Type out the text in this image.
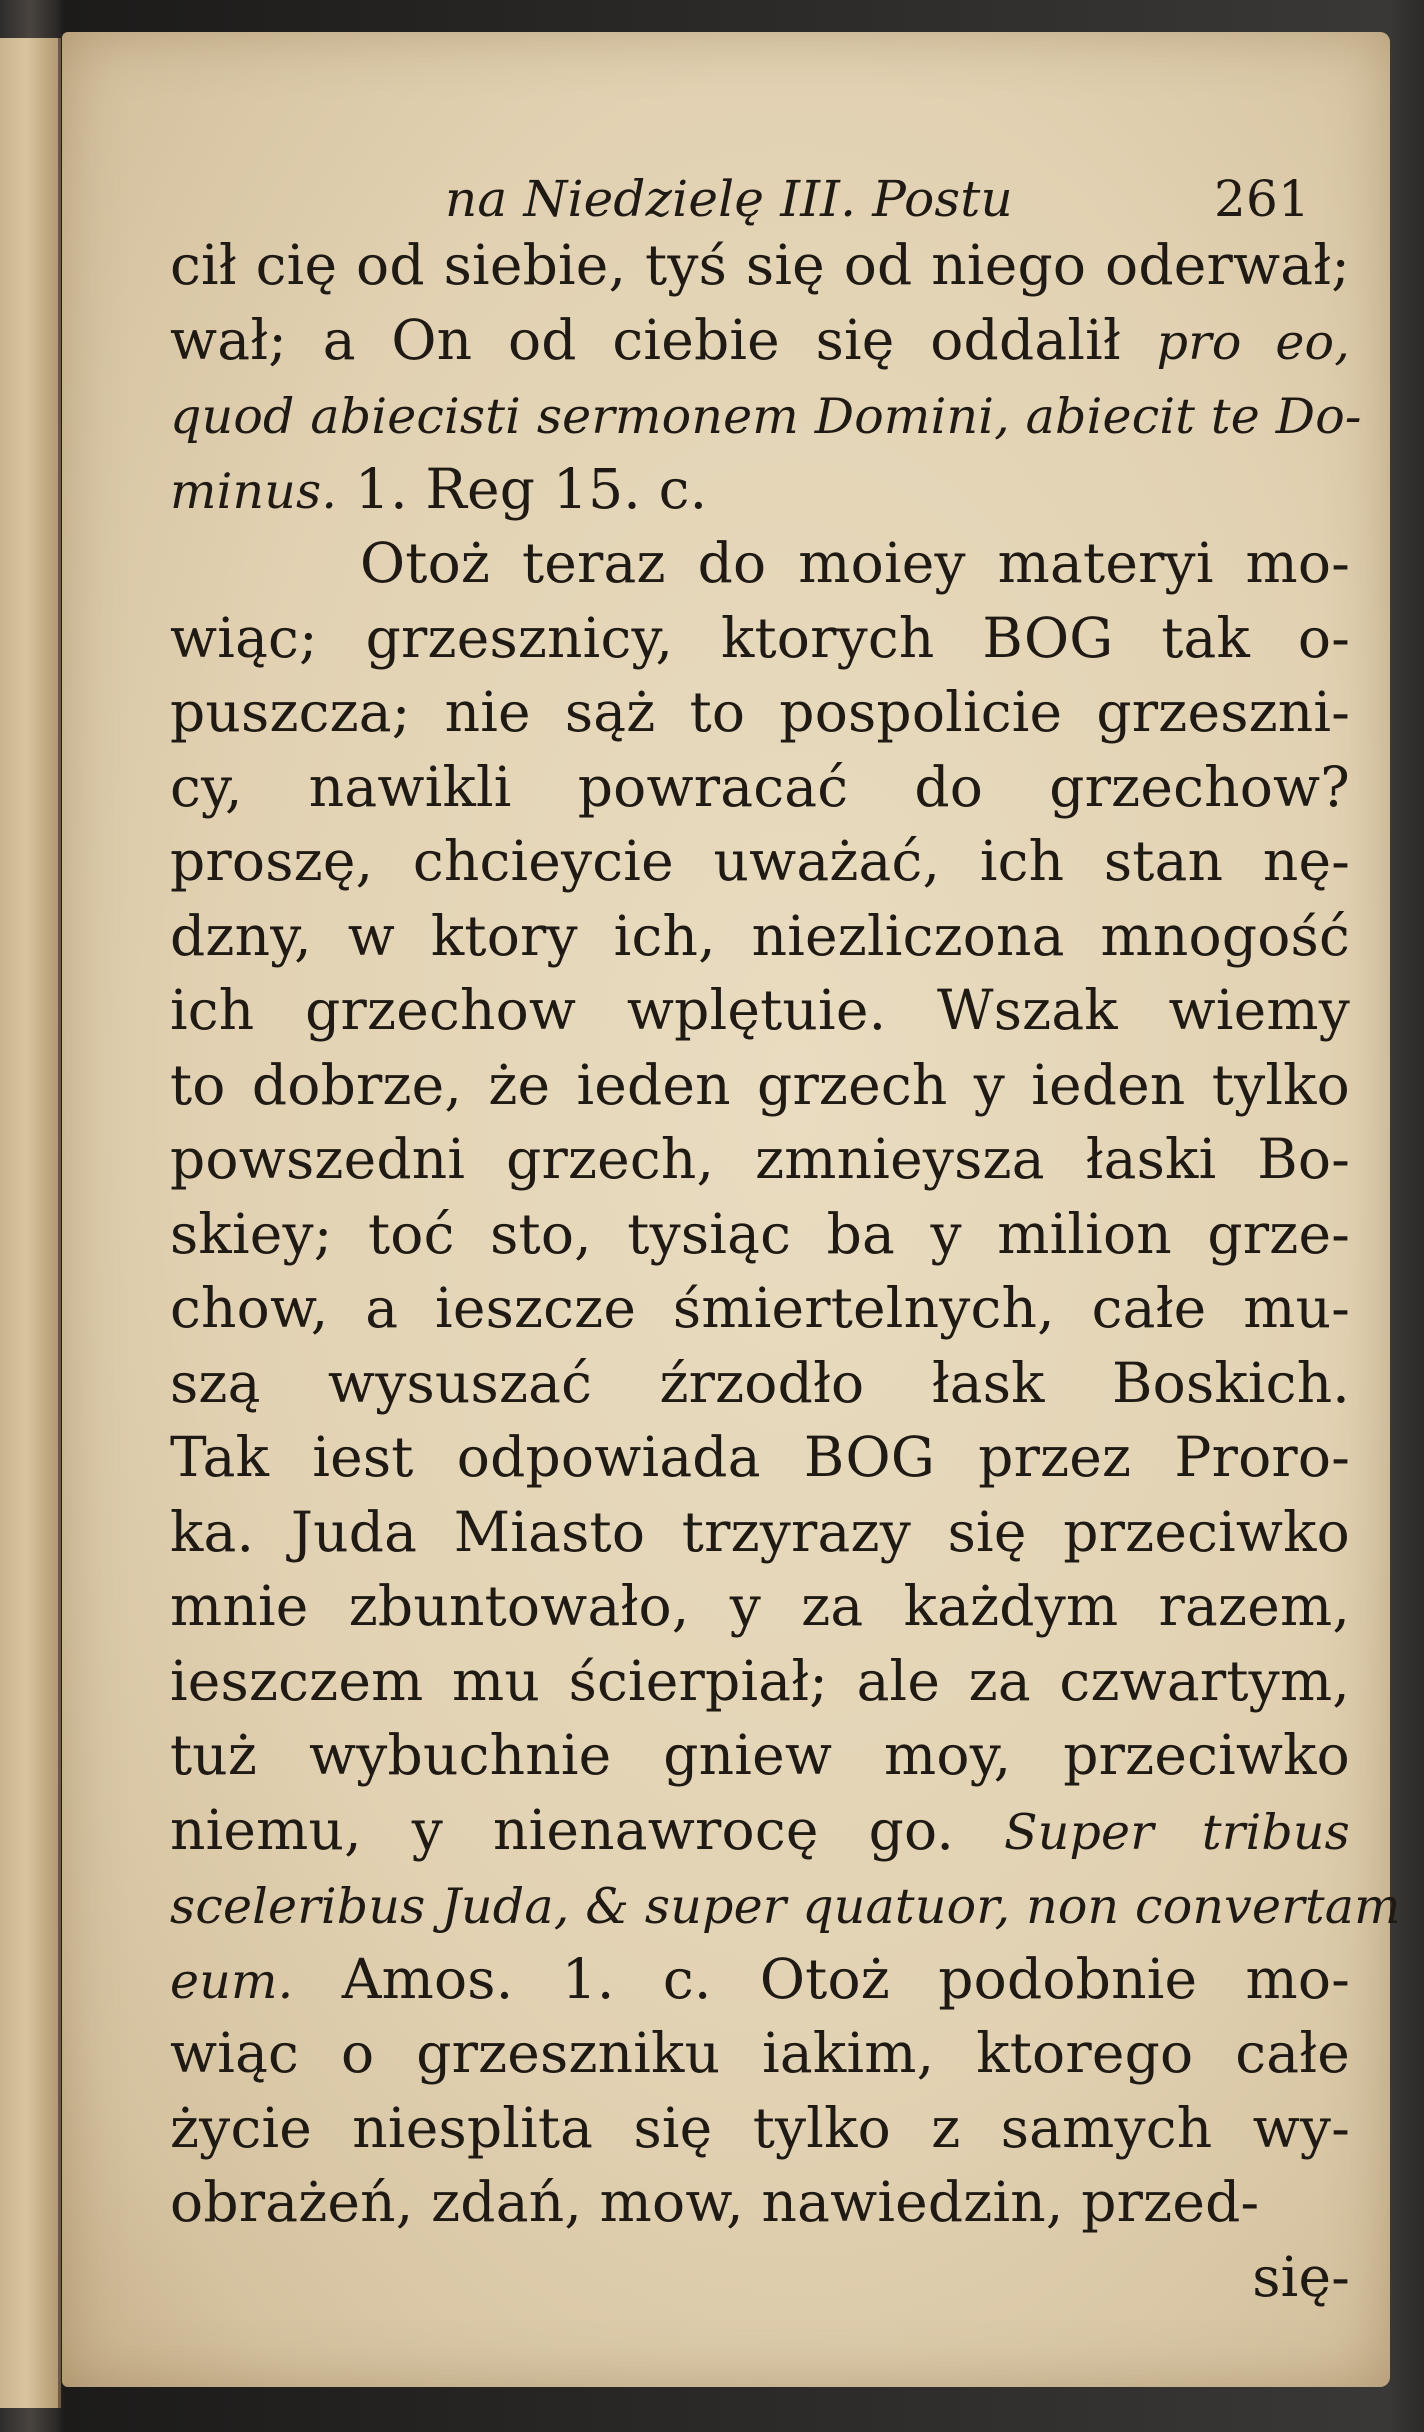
na Niedzielę III. Postu	261
cił cię od siebie, tyś się od niego oderwał;
wał; a On od ciebie się oddalił pro eo,
quod abiecisti sermonem Domini, abiecit te Do-
minus. 1. Reg 15. c.
Otoż teraz do moiey materyi mo-
wiąc; grzesznicy, ktorych BOG tak o-
puszcza; nie sąż to pospolicie grzeszni-
cy, nawikli powracać do grzechow?
proszę, chcieycie uważać, ich stan nę-
dzny, w ktory ich, niezliczona mnogość
ich grzechow wplętuie. Wszak wiemy
to dobrze, że ieden grzech y ieden tylko
powszedni grzech, zmnieysza łaski Bo-
skiey; toć sto, tysiąc ba y milion grze-
chow, a ieszcze śmiertelnych, całe mu-
szą wysuszać źrzodło łask Boskich.
Tak iest odpowiada BOG przez Proro-
ka. Juda Miasto trzyrazy się przeciwko
mnie zbuntowało, y za każdym razem,
ieszczem mu ścierpiał; ale za czwartym,
tuż wybuchnie gniew moy, przeciwko
niemu, y nienawrocę go. Super tribus
sceleribus Juda, & super quatuor, non convertam
eum. Amos. 1. c. Otoż podobnie mo-
wiąc o grzeszniku iakim, ktorego całe
życie niesplita się tylko z samych wy-
obrażeń, zdań, mow, nawiedzin, przed-
się-
